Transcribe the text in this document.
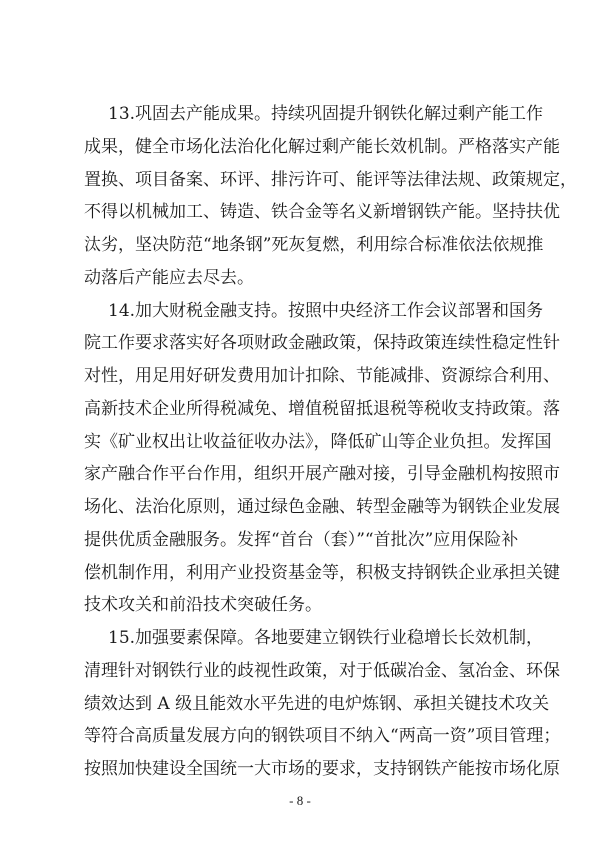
13.巩固去产能成果。持续巩固提升钢铁化解过剩产能工作
成果，健全市场化法治化化解过剩产能长效机制。严格落实产能
置换、项目备案、环评、排污许可、能评等法律法规、政策规定，
不得以机械加工、铸造、铁合金等名义新增钢铁产能。坚持扶优
汰劣，坚决防范“地条钢”死灰复燃，利用综合标准依法依规推
动落后产能应去尽去。
14.加大财税金融支持。按照中央经济工作会议部署和国务
院工作要求落实好各项财政金融政策，保持政策连续性稳定性针
对性，用足用好研发费用加计扣除、节能减排、资源综合利用、
高新技术企业所得税减免、增值税留抵退税等税收支持政策。落
实《矿业权出让收益征收办法》，降低矿山等企业负担。发挥国
家产融合作平台作用，组织开展产融对接，引导金融机构按照市
场化、法治化原则，通过绿色金融、转型金融等为钢铁企业发展
提供优质金融服务。发挥“首台（套）”“首批次”应用保险补
偿机制作用，利用产业投资基金等，积极支持钢铁企业承担关键
技术攻关和前沿技术突破任务。
15.加强要素保障。各地要建立钢铁行业稳增长长效机制，
清理针对钢铁行业的歧视性政策，对于低碳冶金、氢冶金、环保
绩效达到 A 级且能效水平先进的电炉炼钢、承担关键技术攻关
等符合高质量发展方向的钢铁项目不纳入“两高一资”项目管理；
按照加快建设全国统一大市场的要求，支持钢铁产能按市场化原
- 8 -
